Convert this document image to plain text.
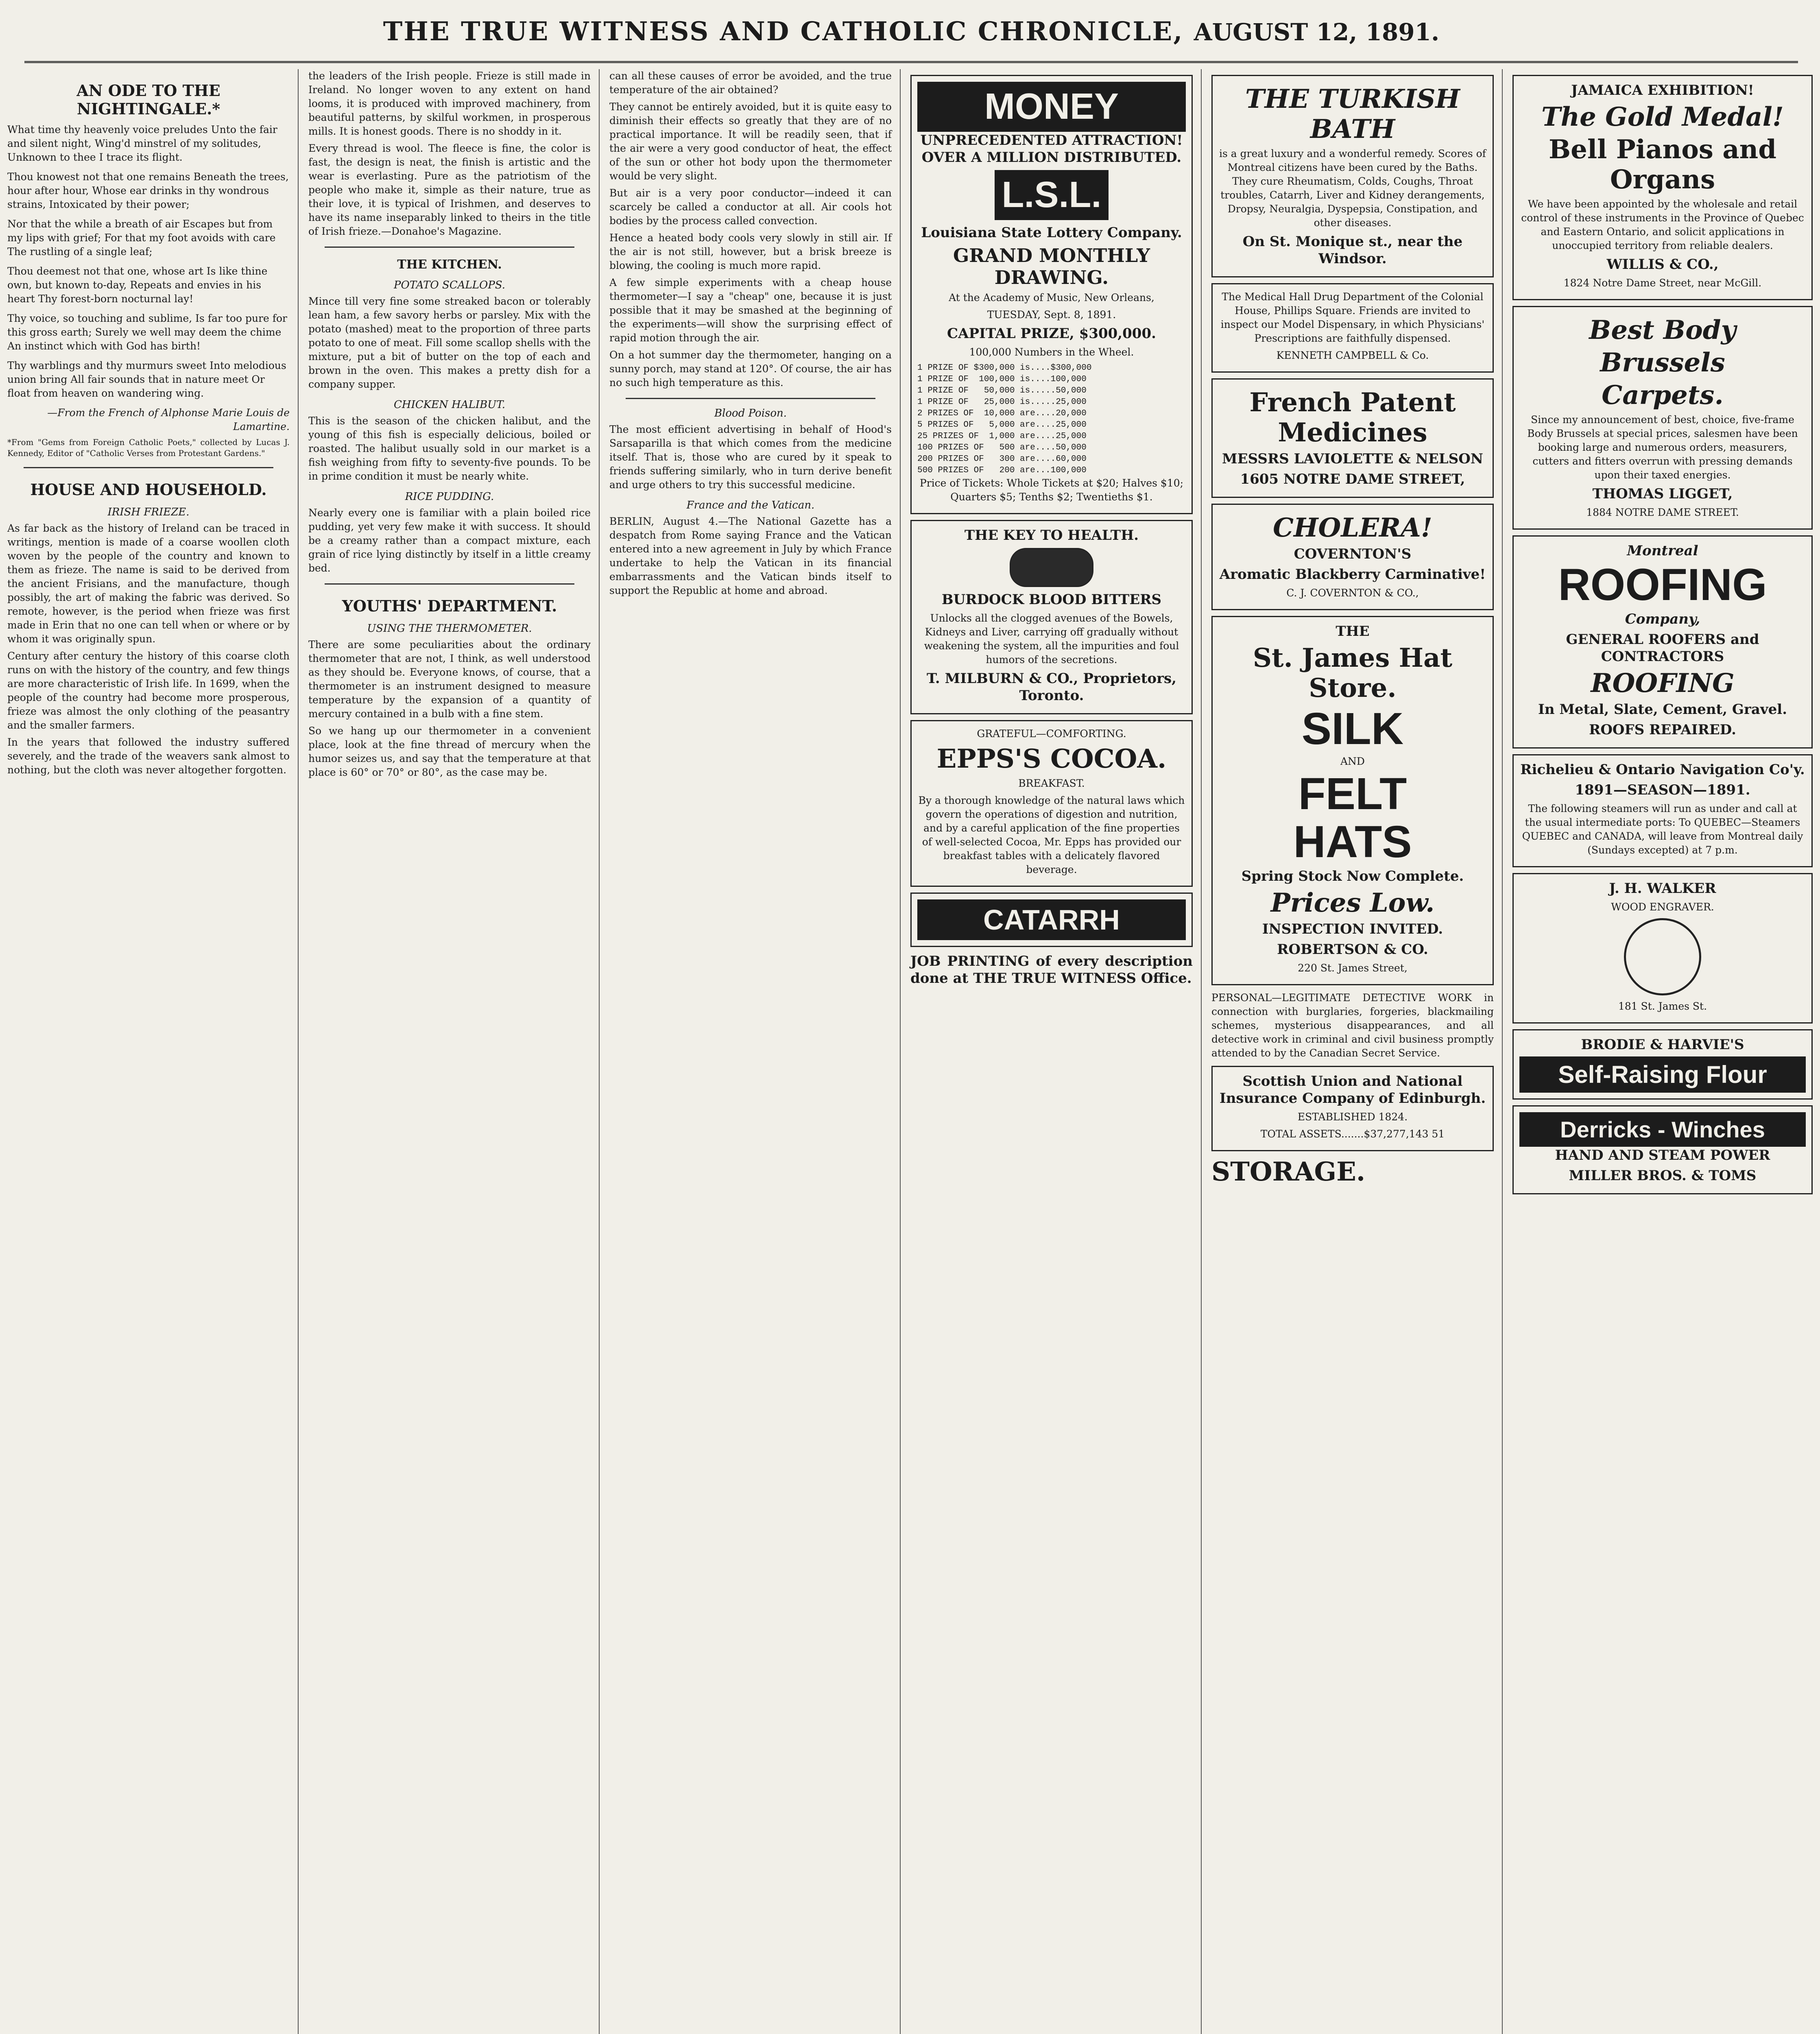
THE TRUE WITNESS AND CATHOLIC CHRONICLE, AUGUST 12, 1891.
AN ODE TO THE NIGHTINGALE.*

What time thy heavenly voice preludes Unto the fair and silent night, Wing'd minstrel of my solitudes, Unknown to thee I trace its flight.

Thou knowest not that one remains Beneath the trees, hour after hour, Whose ear drinks in thy wondrous strains, Intoxicated by their power;

Nor that the while a breath of air Escapes but from my lips with grief; For that my foot avoids with care The rustling of a single leaf;

Thou deemest not that one, whose art Is like thine own, but known to-day, Repeats and envies in his heart Thy forest-born nocturnal lay!

Thy voice, so touching and sublime, Is far too pure for this gross earth; Surely we well may deem the chime An instinct which with God has birth!

Thy warblings and thy murmurs sweet Into melodious union bring All fair sounds that in nature meet Or float from heaven on wandering wing.

—From the French of Alphonse Marie Louis de Lamartine.

*From "Gems from Foreign Catholic Poets," collected by Lucas J. Kennedy, Editor of "Catholic Verses from Protestant Gardens."

HOUSE AND HOUSEHOLD.
IRISH FRIEZE.

As far back as the history of Ireland can be traced in writings, mention is made of a coarse woollen cloth woven by the people of the country and known to them as frieze. The name is said to be derived from the ancient Frisians, and the manufacture, though possibly, the art of making the fabric was derived. So remote, however, is the period when frieze was first made in Erin that no one can tell when or where or by whom it was originally spun.

Century after century the history of this coarse cloth runs on with the history of the country, and few things are more characteristic of Irish life. In 1699, when the people of the country had become more prosperous, frieze was almost the only clothing of the peasantry and the smaller farmers.

In the years that followed the industry suffered severely, and the trade of the weavers sank almost to nothing, but the cloth was never altogether forgotten.

the leaders of the Irish people. Frieze is still made in Ireland. No longer woven to any extent on hand looms, it is produced with improved machinery, from beautiful patterns, by skilful workmen, in prosperous mills. It is honest goods. There is no shoddy in it.

Every thread is wool. The fleece is fine, the color is fast, the design is neat, the finish is artistic and the wear is everlasting. Pure as the patriotism of the people who make it, simple as their nature, true as their love, it is typical of Irishmen, and deserves to have its name inseparably linked to theirs in the title of Irish frieze.—Donahoe's Magazine.

THE KITCHEN.
POTATO SCALLOPS.

Mince till very fine some streaked bacon or tolerably lean ham, a few savory herbs or parsley. Mix with the potato (mashed) meat to the proportion of three parts potato to one of meat. Fill some scallop shells with the mixture, put a bit of butter on the top of each and brown in the oven. This makes a pretty dish for a company supper.

CHICKEN HALIBUT.

This is the season of the chicken halibut, and the young of this fish is especially delicious, boiled or roasted. The halibut usually sold in our market is a fish weighing from fifty to seventy-five pounds. To be in prime condition it must be nearly white.

RICE PUDDING.

Nearly every one is familiar with a plain boiled rice pudding, yet very few make it with success. It should be a creamy rather than a compact mixture, each grain of rice lying distinctly by itself in a little creamy bed.

YOUTHS' DEPARTMENT.
USING THE THERMOMETER.

There are some peculiarities about the ordinary thermometer that are not, I think, as well understood as they should be. Everyone knows, of course, that a thermometer is an instrument designed to measure temperature by the expansion of a quantity of mercury contained in a bulb with a fine stem.

So we hang up our thermometer in a convenient place, look at the fine thread of mercury when the humor seizes us, and say that the temperature at that place is 60° or 70° or 80°, as the case may be.

can all these causes of error be avoided, and the true temperature of the air obtained?

They cannot be entirely avoided, but it is quite easy to diminish their effects so greatly that they are of no practical importance. It will be readily seen, that if the air were a very good conductor of heat, the effect of the sun or other hot body upon the thermometer would be very slight.

But air is a very poor conductor—indeed it can scarcely be called a conductor at all. Air cools hot bodies by the process called convection.

Hence a heated body cools very slowly in still air. If the air is not still, however, but a brisk breeze is blowing, the cooling is much more rapid.

A few simple experiments with a cheap house thermometer—I say a "cheap" one, because it is just possible that it may be smashed at the beginning of the experiments—will show the surprising effect of rapid motion through the air.

On a hot summer day the thermometer, hanging on a sunny porch, may stand at 120°. Of course, the air has no such high temperature as this.

Blood Poison.

The most efficient advertising in behalf of Hood's Sarsaparilla is that which comes from the medicine itself. That is, those who are cured by it speak to friends suffering similarly, who in turn derive benefit and urge others to try this successful medicine.

France and the Vatican.

BERLIN, August 4.—The National Gazette has a despatch from Rome saying France and the Vatican entered into a new agreement in July by which France undertake to help the Vatican in its financial embarrassments and the Vatican binds itself to support the Republic at home and abroad.

MONEY

UNPRECEDENTED ATTRACTION! OVER A MILLION DISTRIBUTED.

L.S.L.

Louisiana State Lottery Company.

GRAND MONTHLY DRAWING.

At the Academy of Music, New Orleans,

TUESDAY, Sept. 8, 1891.

CAPITAL PRIZE, $300,000.

100,000 Numbers in the Wheel.

1 PRIZE OF $300,000 is....$300,000
1 PRIZE OF  100,000 is....100,000
1 PRIZE OF   50,000 is.....50,000
1 PRIZE OF   25,000 is.....25,000
2 PRIZES OF  10,000 are....20,000
5 PRIZES OF   5,000 are....25,000
25 PRIZES OF  1,000 are....25,000
100 PRIZES OF   500 are....50,000
200 PRIZES OF   300 are....60,000
500 PRIZES OF   200 are...100,000

Price of Tickets: Whole Tickets at $20; Halves $10; Quarters $5; Tenths $2; Twentieths $1.

THE KEY TO HEALTH.

BURDOCK BLOOD BITTERS

Unlocks all the clogged avenues of the Bowels, Kidneys and Liver, carrying off gradually without weakening the system, all the impurities and foul humors of the secretions.

T. MILBURN & CO., Proprietors, Toronto.

GRATEFUL—COMFORTING.

EPPS'S COCOA.

BREAKFAST.

By a thorough knowledge of the natural laws which govern the operations of digestion and nutrition, and by a careful application of the fine properties of well-selected Cocoa, Mr. Epps has provided our breakfast tables with a delicately flavored beverage.

CATARRH

JOB PRINTING of every description done at THE TRUE WITNESS Office.

THE TURKISH BATH

is a great luxury and a wonderful remedy. Scores of Montreal citizens have been cured by the Baths. They cure Rheumatism, Colds, Coughs, Throat troubles, Catarrh, Liver and Kidney derangements, Dropsy, Neuralgia, Dyspepsia, Constipation, and other diseases.

On St. Monique st., near the Windsor.

The Medical Hall Drug Department of the Colonial House, Phillips Square. Friends are invited to inspect our Model Dispensary, in which Physicians' Prescriptions are faithfully dispensed.

KENNETH CAMPBELL & Co.

French Patent Medicines

MESSRS LAVIOLETTE & NELSON

1605 NOTRE DAME STREET,

CHOLERA!

COVERNTON'S

Aromatic Blackberry Carminative!

C. J. COVERNTON & CO.,

THE

St. James Hat Store.

SILK

AND

FELT

HATS

Spring Stock Now Complete.

Prices Low.

INSPECTION INVITED.

ROBERTSON & CO.

220 St. James Street,

PERSONAL—LEGITIMATE DETECTIVE WORK in connection with burglaries, forgeries, blackmailing schemes, mysterious disappearances, and all detective work in criminal and civil business promptly attended to by the Canadian Secret Service.

Scottish Union and National Insurance Company of Edinburgh.

ESTABLISHED 1824.

TOTAL ASSETS.......$37,277,143 51

STORAGE.

JAMAICA EXHIBITION!

The Gold Medal!

Bell Pianos and Organs

We have been appointed by the wholesale and retail control of these instruments in the Province of Quebec and Eastern Ontario, and solicit applications in unoccupied territory from reliable dealers.

WILLIS & CO.,

1824 Notre Dame Street, near McGill.

Best Body

Brussels

Carpets.

Since my announcement of best, choice, five-frame Body Brussels at special prices, salesmen have been booking large and numerous orders, measurers, cutters and fitters overrun with pressing demands upon their taxed energies.

THOMAS LIGGET,

1884 NOTRE DAME STREET.

Montreal

ROOFING

Company,

GENERAL ROOFERS and CONTRACTORS

ROOFING

In Metal, Slate, Cement, Gravel.

ROOFS REPAIRED.

Richelieu & Ontario Navigation Co'y.

1891—SEASON—1891.

The following steamers will run as under and call at the usual intermediate ports: To QUEBEC—Steamers QUEBEC and CANADA, will leave from Montreal daily (Sundays excepted) at 7 p.m.

J. H. WALKER

WOOD ENGRAVER.

181 St. James St.

BRODIE & HARVIE'S

Self-Raising Flour
Derricks - Winches

HAND AND STEAM POWER

MILLER BROS. & TOMS
